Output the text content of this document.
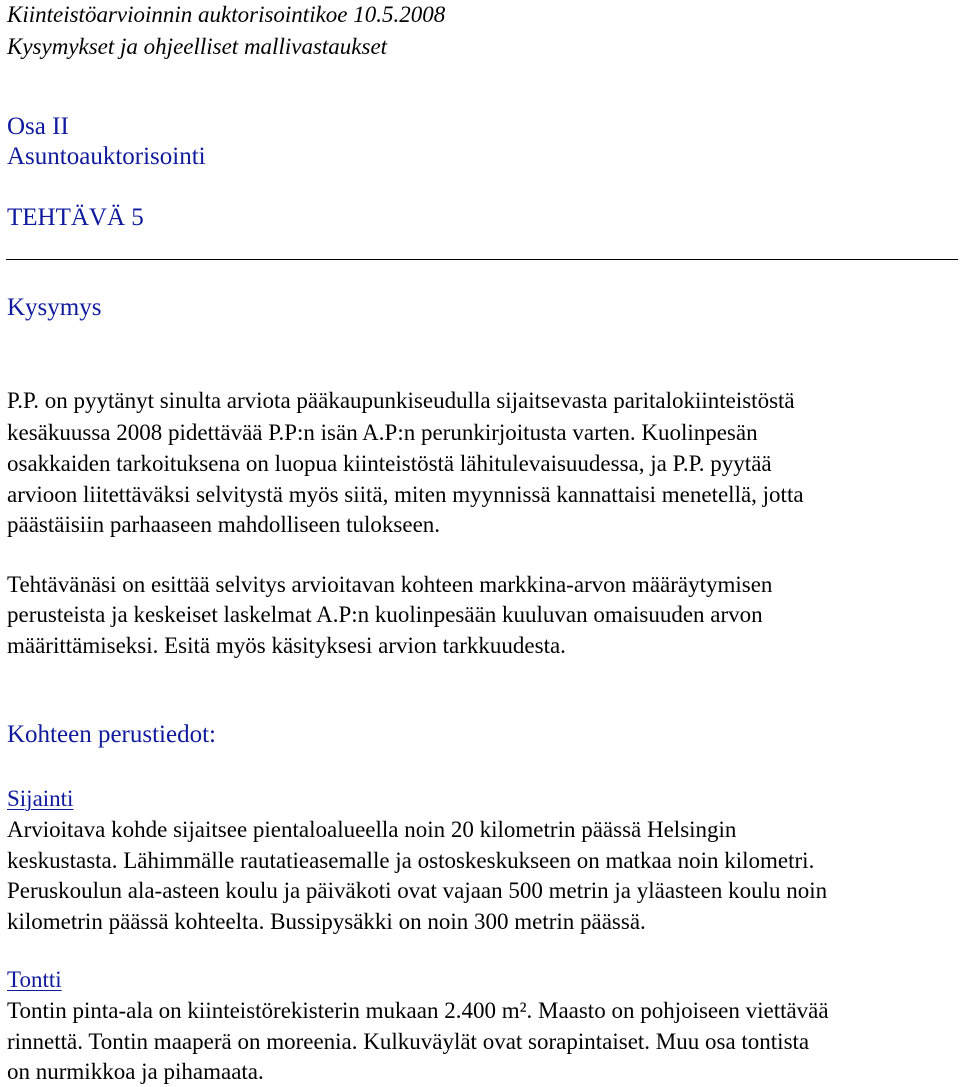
Kiinteistöarvioinnin auktorisointikoe 10.5.2008
Kysymykset ja ohjeelliset mallivastaukset
Osa II
Asuntoauktorisointi
TEHTÄVÄ 5
Kysymys
P.P. on pyytänyt sinulta arviota pääkaupunkiseudulla sijaitsevasta paritalokiinteistöstä
kesäkuussa 2008 pidettävää P.P:n isän A.P:n perunkirjoitusta varten. Kuolinpesän
osakkaiden tarkoituksena on luopua kiinteistöstä lähitulevaisuudessa, ja P.P. pyytää
arvioon liitettäväksi selvitystä myös siitä, miten myynnissä kannattaisi menetellä, jotta
päästäisiin parhaaseen mahdolliseen tulokseen.
Tehtävänäsi on esittää selvitys arvioitavan kohteen markkina-arvon määräytymisen
perusteista ja keskeiset laskelmat A.P:n kuolinpesään kuuluvan omaisuuden arvon
määrittämiseksi. Esitä myös käsityksesi arvion tarkkuudesta.
Kohteen perustiedot:
Sijainti
Arvioitava kohde sijaitsee pientaloalueella noin 20 kilometrin päässä Helsingin
keskustasta. Lähimmälle rautatieasemalle ja ostoskeskukseen on matkaa noin kilometri.
Peruskoulun ala-asteen koulu ja päiväkoti ovat vajaan 500 metrin ja yläasteen koulu noin
kilometrin päässä kohteelta. Bussipysäkki on noin 300 metrin päässä.
Tontti
Tontin pinta-ala on kiinteistörekisterin mukaan 2.400 m². Maasto on pohjoiseen viettävää
rinnettä. Tontin maaperä on moreenia. Kulkuväylät ovat sorapintaiset. Muu osa tontista
on nurmikkoa ja pihamaata.
